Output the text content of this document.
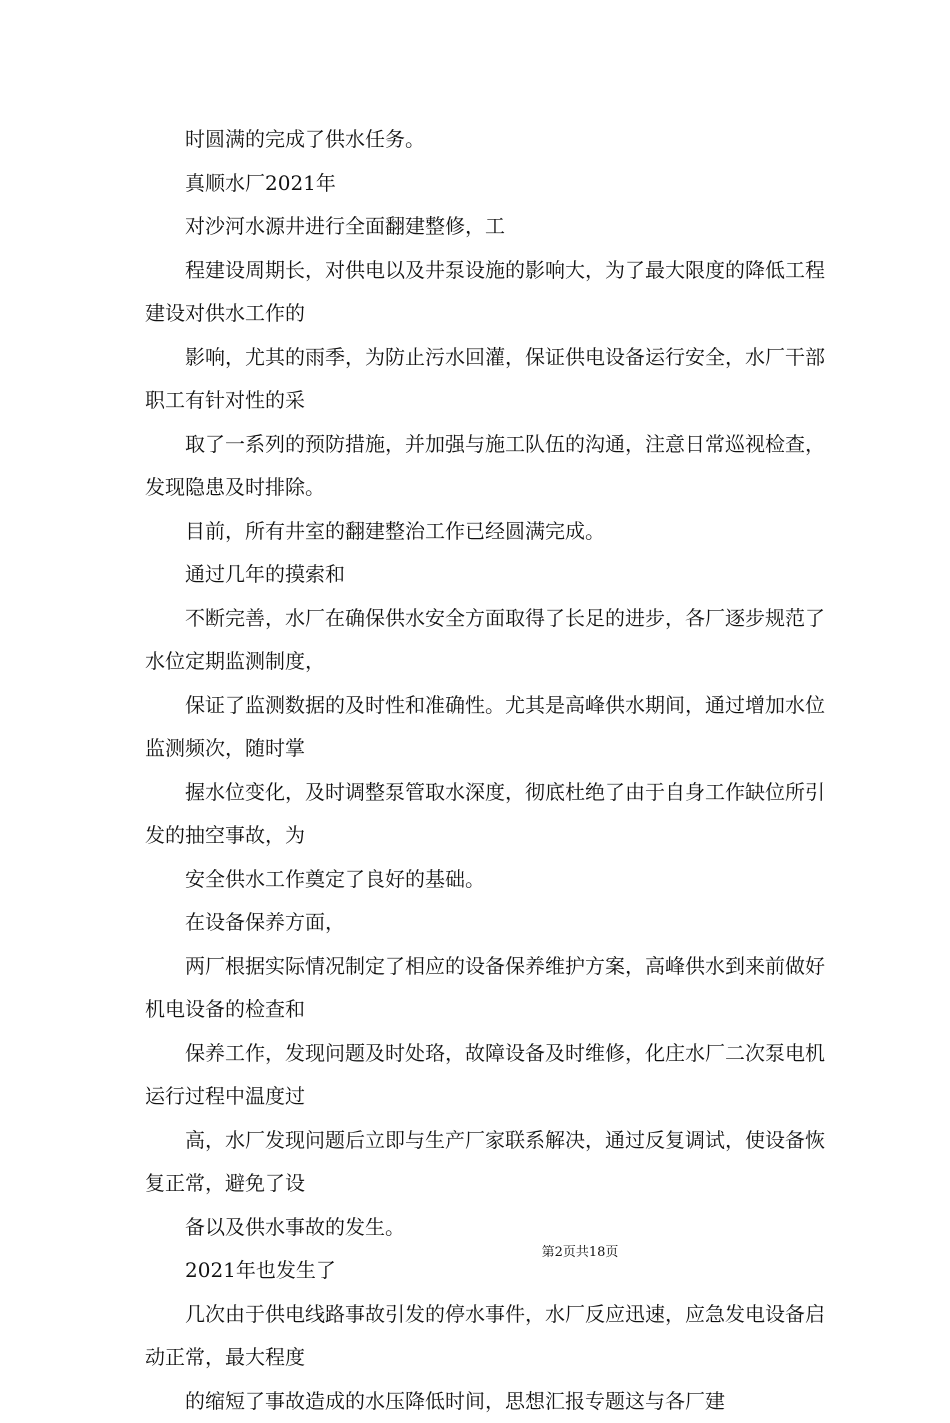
时圆满的完成了供水任务。

真顺水厂2021年

对沙河水源井进行全面翻建整修，工

程建设周期长，对供电以及井泵设施的影响大，为了最大限度的降低工程建设对供水工作的

影响，尤其的雨季，为防止污水回灌，保证供电设备运行安全，水厂干部职工有针对性的采

取了一系列的预防措施，并加强与施工队伍的沟通，注意日常巡视检查，发现隐患及时排除。

目前，所有井室的翻建整治工作已经圆满完成。

通过几年的摸索和

不断完善，水厂在确保供水安全方面取得了长足的进步，各厂逐步规范了水位定期监测制度，

保证了监测数据的及时性和准确性。尤其是高峰供水期间，通过增加水位监测频次，随时掌

握水位变化，及时调整泵管取水深度，彻底杜绝了由于自身工作缺位所引发的抽空事故，为

安全供水工作奠定了良好的基础。

在设备保养方面，

两厂根据实际情况制定了相应的设备保养维护方案，高峰供水到来前做好机电设备的检查和

保养工作，发现问题及时处珞，故障设备及时维修，化庄水厂二次泵电机运行过程中温度过

高，水厂发现问题后立即与生产厂家联系解决，通过反复调试，使设备恢复正常，避免了设

备以及供水事故的发生。

2021年也发生了

几次由于供电线路事故引发的停水事件，水厂反应迅速，应急发电设备启动正常，最大程度

的缩短了事故造成的水压降低时间，思想汇报专题这与各厂建

第2页共18页
